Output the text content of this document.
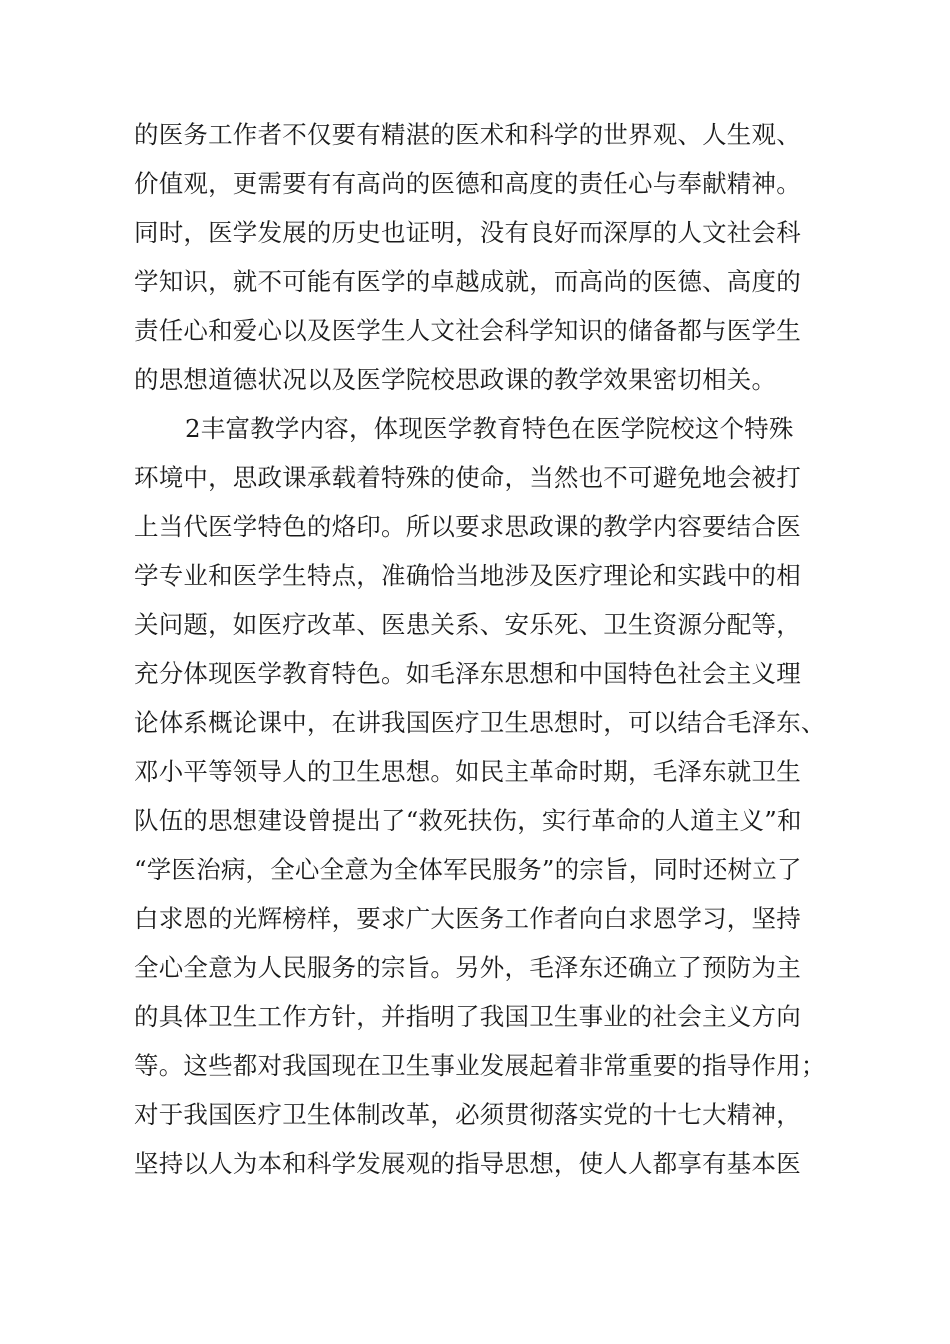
的医务工作者不仅要有精湛的医术和科学的世界观、人生观、
价值观，更需要有有高尚的医德和高度的责任心与奉献精神。
同时，医学发展的历史也证明，没有良好而深厚的人文社会科
学知识，就不可能有医学的卓越成就，而高尚的医德、高度的
责任心和爱心以及医学生人文社会科学知识的储备都与医学生
的思想道德状况以及医学院校思政课的教学效果密切相关。
2丰富教学内容，体现医学教育特色在医学院校这个特殊
环境中，思政课承载着特殊的使命，当然也不可避免地会被打
上当代医学特色的烙印。所以要求思政课的教学内容要结合医
学专业和医学生特点，准确恰当地涉及医疗理论和实践中的相
关问题，如医疗改革、医患关系、安乐死、卫生资源分配等，
充分体现医学教育特色。如毛泽东思想和中国特色社会主义理
论体系概论课中，在讲我国医疗卫生思想时，可以结合毛泽东、
邓小平等领导人的卫生思想。如民主革命时期，毛泽东就卫生
队伍的思想建设曾提出了“救死扶伤，实行革命的人道主义”和
“学医治病，全心全意为全体军民服务”的宗旨，同时还树立了
白求恩的光辉榜样，要求广大医务工作者向白求恩学习，坚持
全心全意为人民服务的宗旨。另外，毛泽东还确立了预防为主
的具体卫生工作方针，并指明了我国卫生事业的社会主义方向
等。这些都对我国现在卫生事业发展起着非常重要的指导作用；
对于我国医疗卫生体制改革，必须贯彻落实党的十七大精神，
坚持以人为本和科学发展观的指导思想，使人人都享有基本医
